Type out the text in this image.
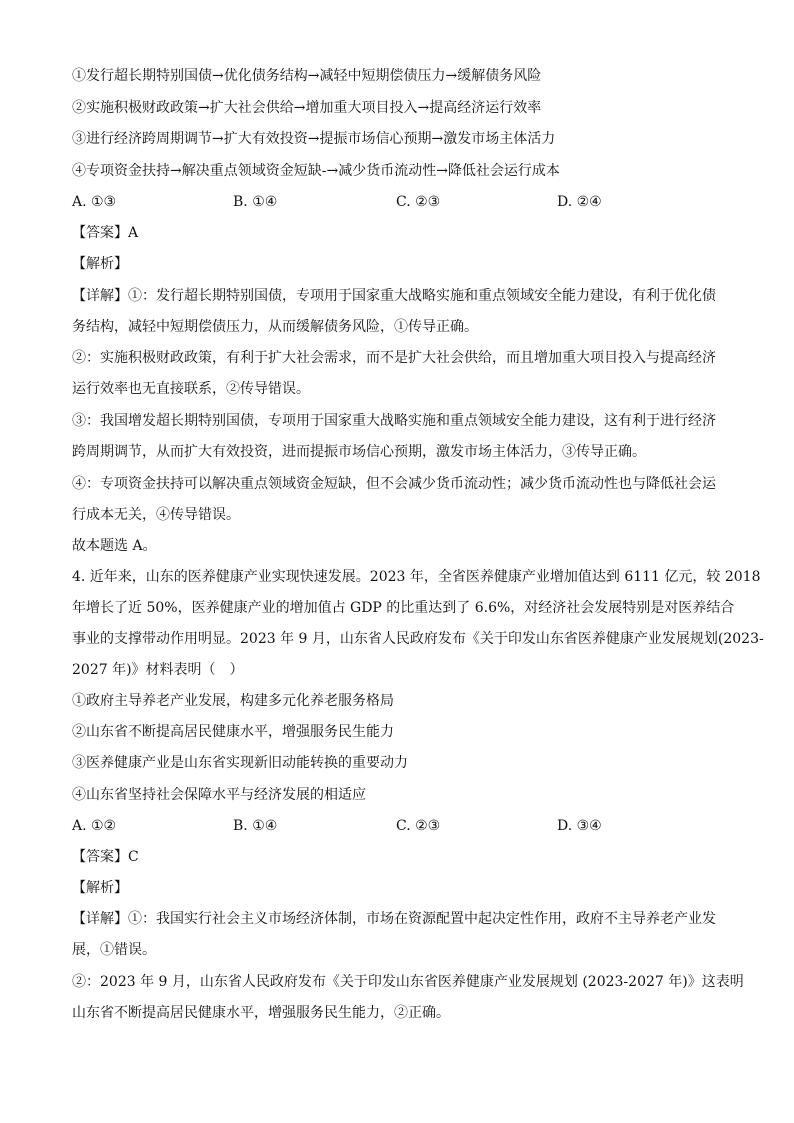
①发行超长期特别国债→优化债务结构→减轻中短期偿债压力→缓解债务风险
②实施积极财政政策→扩大社会供给→增加重大项目投入→提高经济运行效率
③进行经济跨周期调节→扩大有效投资→提振市场信心预期→激发市场主体活力
④专项资金扶持→解决重点领域资金短缺-→减少货币流动性→降低社会运行成本
A. ①③	B. ①④	C. ②③	D. ②④
【答案】A
【解析】
【详解】①：发行超长期特别国债，专项用于国家重大战略实施和重点领域安全能力建设，有利于优化债
务结构，减轻中短期偿债压力，从而缓解债务风险，①传导正确。
②：实施积极财政政策，有利于扩大社会需求，而不是扩大社会供给，而且增加重大项目投入与提高经济
运行效率也无直接联系，②传导错误。
③：我国增发超长期特别国债，专项用于国家重大战略实施和重点领域安全能力建设，这有利于进行经济
跨周期调节，从而扩大有效投资，进而提振市场信心预期，激发市场主体活力，③传导正确。
④：专项资金扶持可以解决重点领域资金短缺，但不会减少货币流动性；减少货币流动性也与降低社会运
行成本无关，④传导错误。
故本题选 A。
4. 近年来，山东的医养健康产业实现快速发展。2023 年，全省医养健康产业增加值达到 6111 亿元，较 2018
年增长了近 50%，医养健康产业的增加值占 GDP 的比重达到了 6.6%，对经济社会发展特别是对医养结合
事业的支撑带动作用明显。2023 年 9 月，山东省人民政府发布《关于印发山东省医养健康产业发展规划(2023-
2027 年)》材料表明（　）
①政府主导养老产业发展，构建多元化养老服务格局
②山东省不断提高居民健康水平，增强服务民生能力
③医养健康产业是山东省实现新旧动能转换的重要动力
④山东省坚持社会保障水平与经济发展的相适应
A. ①②	B. ①④	C. ②③	D. ③④
【答案】C
【解析】
【详解】①：我国实行社会主义市场经济体制，市场在资源配置中起决定性作用，政府不主导养老产业发
展，①错误。
②：2023 年 9 月，山东省人民政府发布《关于印发山东省医养健康产业发展规划 (2023-2027 年)》这表明
山东省不断提高居民健康水平，增强服务民生能力，②正确。
